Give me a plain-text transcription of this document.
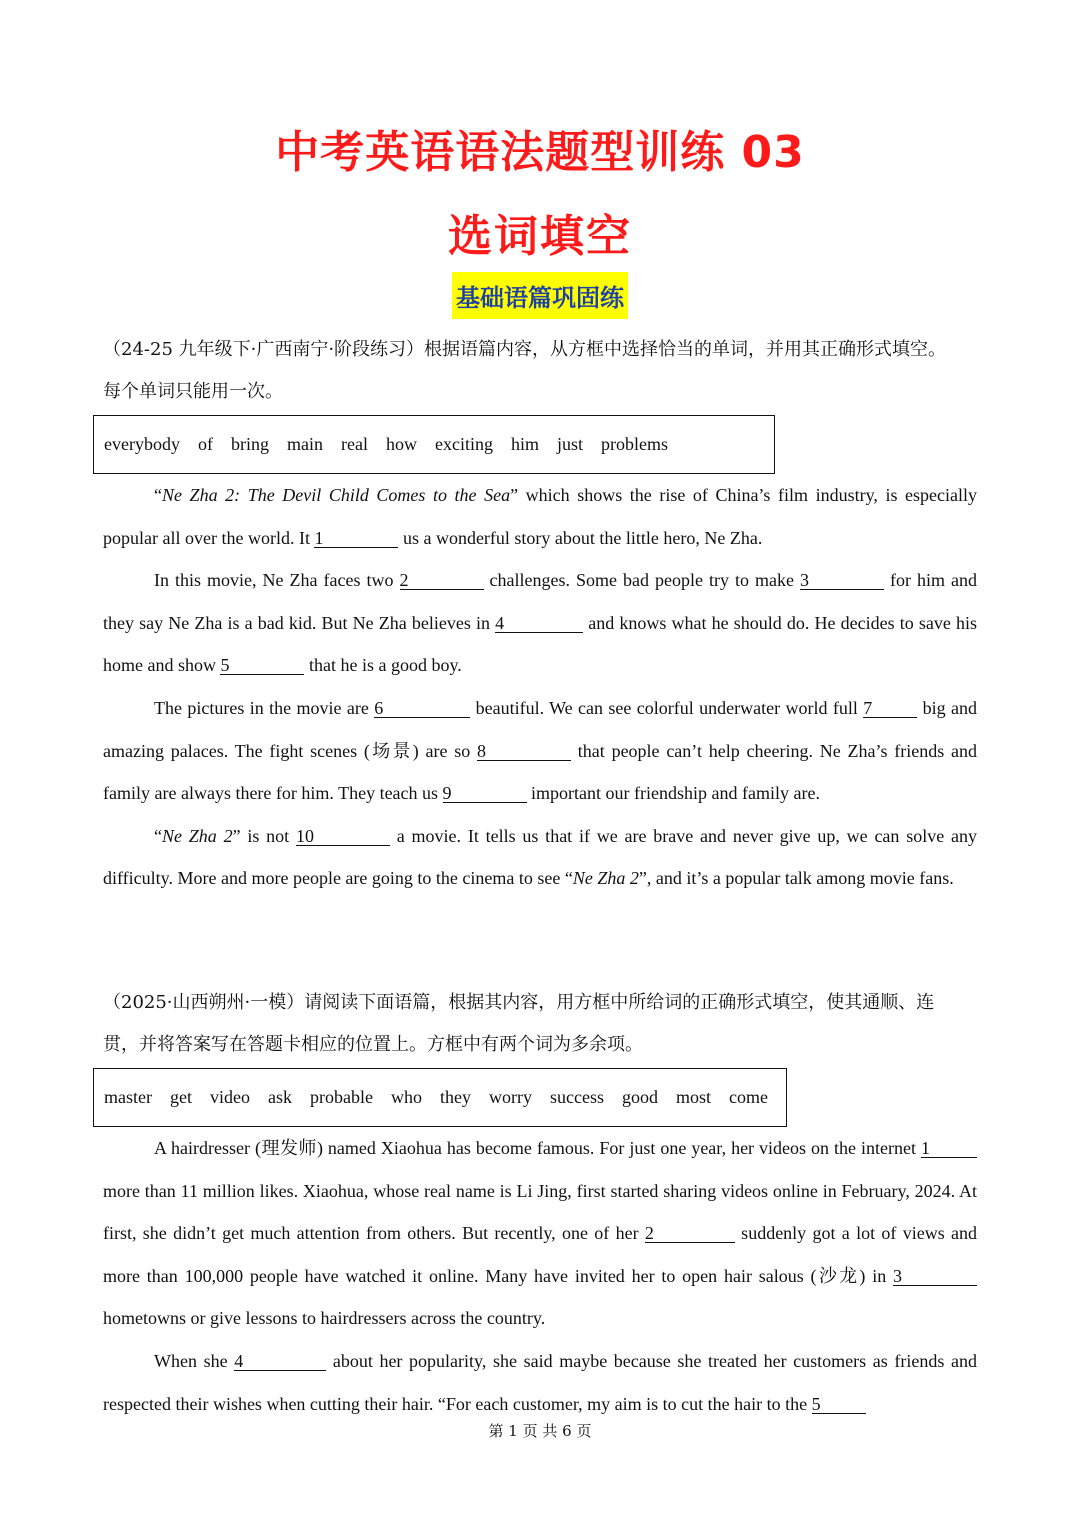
中考英语语法题型训练 03
选词填空
基础语篇巩固练
（24-25 九年级下·广西南宁·阶段练习）根据语篇内容，从方框中选择恰当的单词，并用其正确形式填空。
每个单词只能用一次。
everybody of bring main real how exciting him just problems

“Ne Zha 2: The Devil Child Comes to the Sea” which shows the rise of China’s film industry, is especially popular all over the world. It 1	us a wonderful story about the little hero, Ne Zha.

In this movie, Ne Zha faces two 2	challenges. Some bad people try to make 3	for him and they say Ne Zha is a bad kid. But Ne Zha believes in 4	and knows what he should do. He decides to save his home and show 5	that he is a good boy.

The pictures in the movie are 6	beautiful. We can see colorful underwater world full 7	big and amazing palaces. The fight scenes (场景) are so 8	that people can’t help cheering. Ne Zha’s friends and family are always there for him. They teach us 9	important our friendship and family are.

“Ne Zha 2” is not 10	a movie. It tells us that if we are brave and never give up, we can solve any difficulty. More and more people are going to the cinema to see “Ne Zha 2”, and it’s a popular talk among movie fans.

（2025·山西朔州·一模）请阅读下面语篇，根据其内容，用方框中所给词的正确形式填空，使其通顺、连
贯，并将答案写在答题卡相应的位置上。方框中有两个词为多余项。
master get video ask probable who they worry success good most come

A hairdresser (理发师) named Xiaohua has become famous. For just one year, her videos on the internet 1 more than 11 million likes. Xiaohua, whose real name is Li Jing, first started sharing videos online in February, 2024. At first, she didn’t get much attention from others. But recently, one of her 2	suddenly got a lot of views and more than 100,000 people have watched it online. Many have invited her to open hair salous (沙龙) in 3 hometowns or give lessons to hairdressers across the country.

When she 4	about her popularity, she said maybe because she treated her customers as friends and respected their wishes when cutting their hair. “For each customer, my aim is to cut the hair to the 5

第 1 页 共 6 页
